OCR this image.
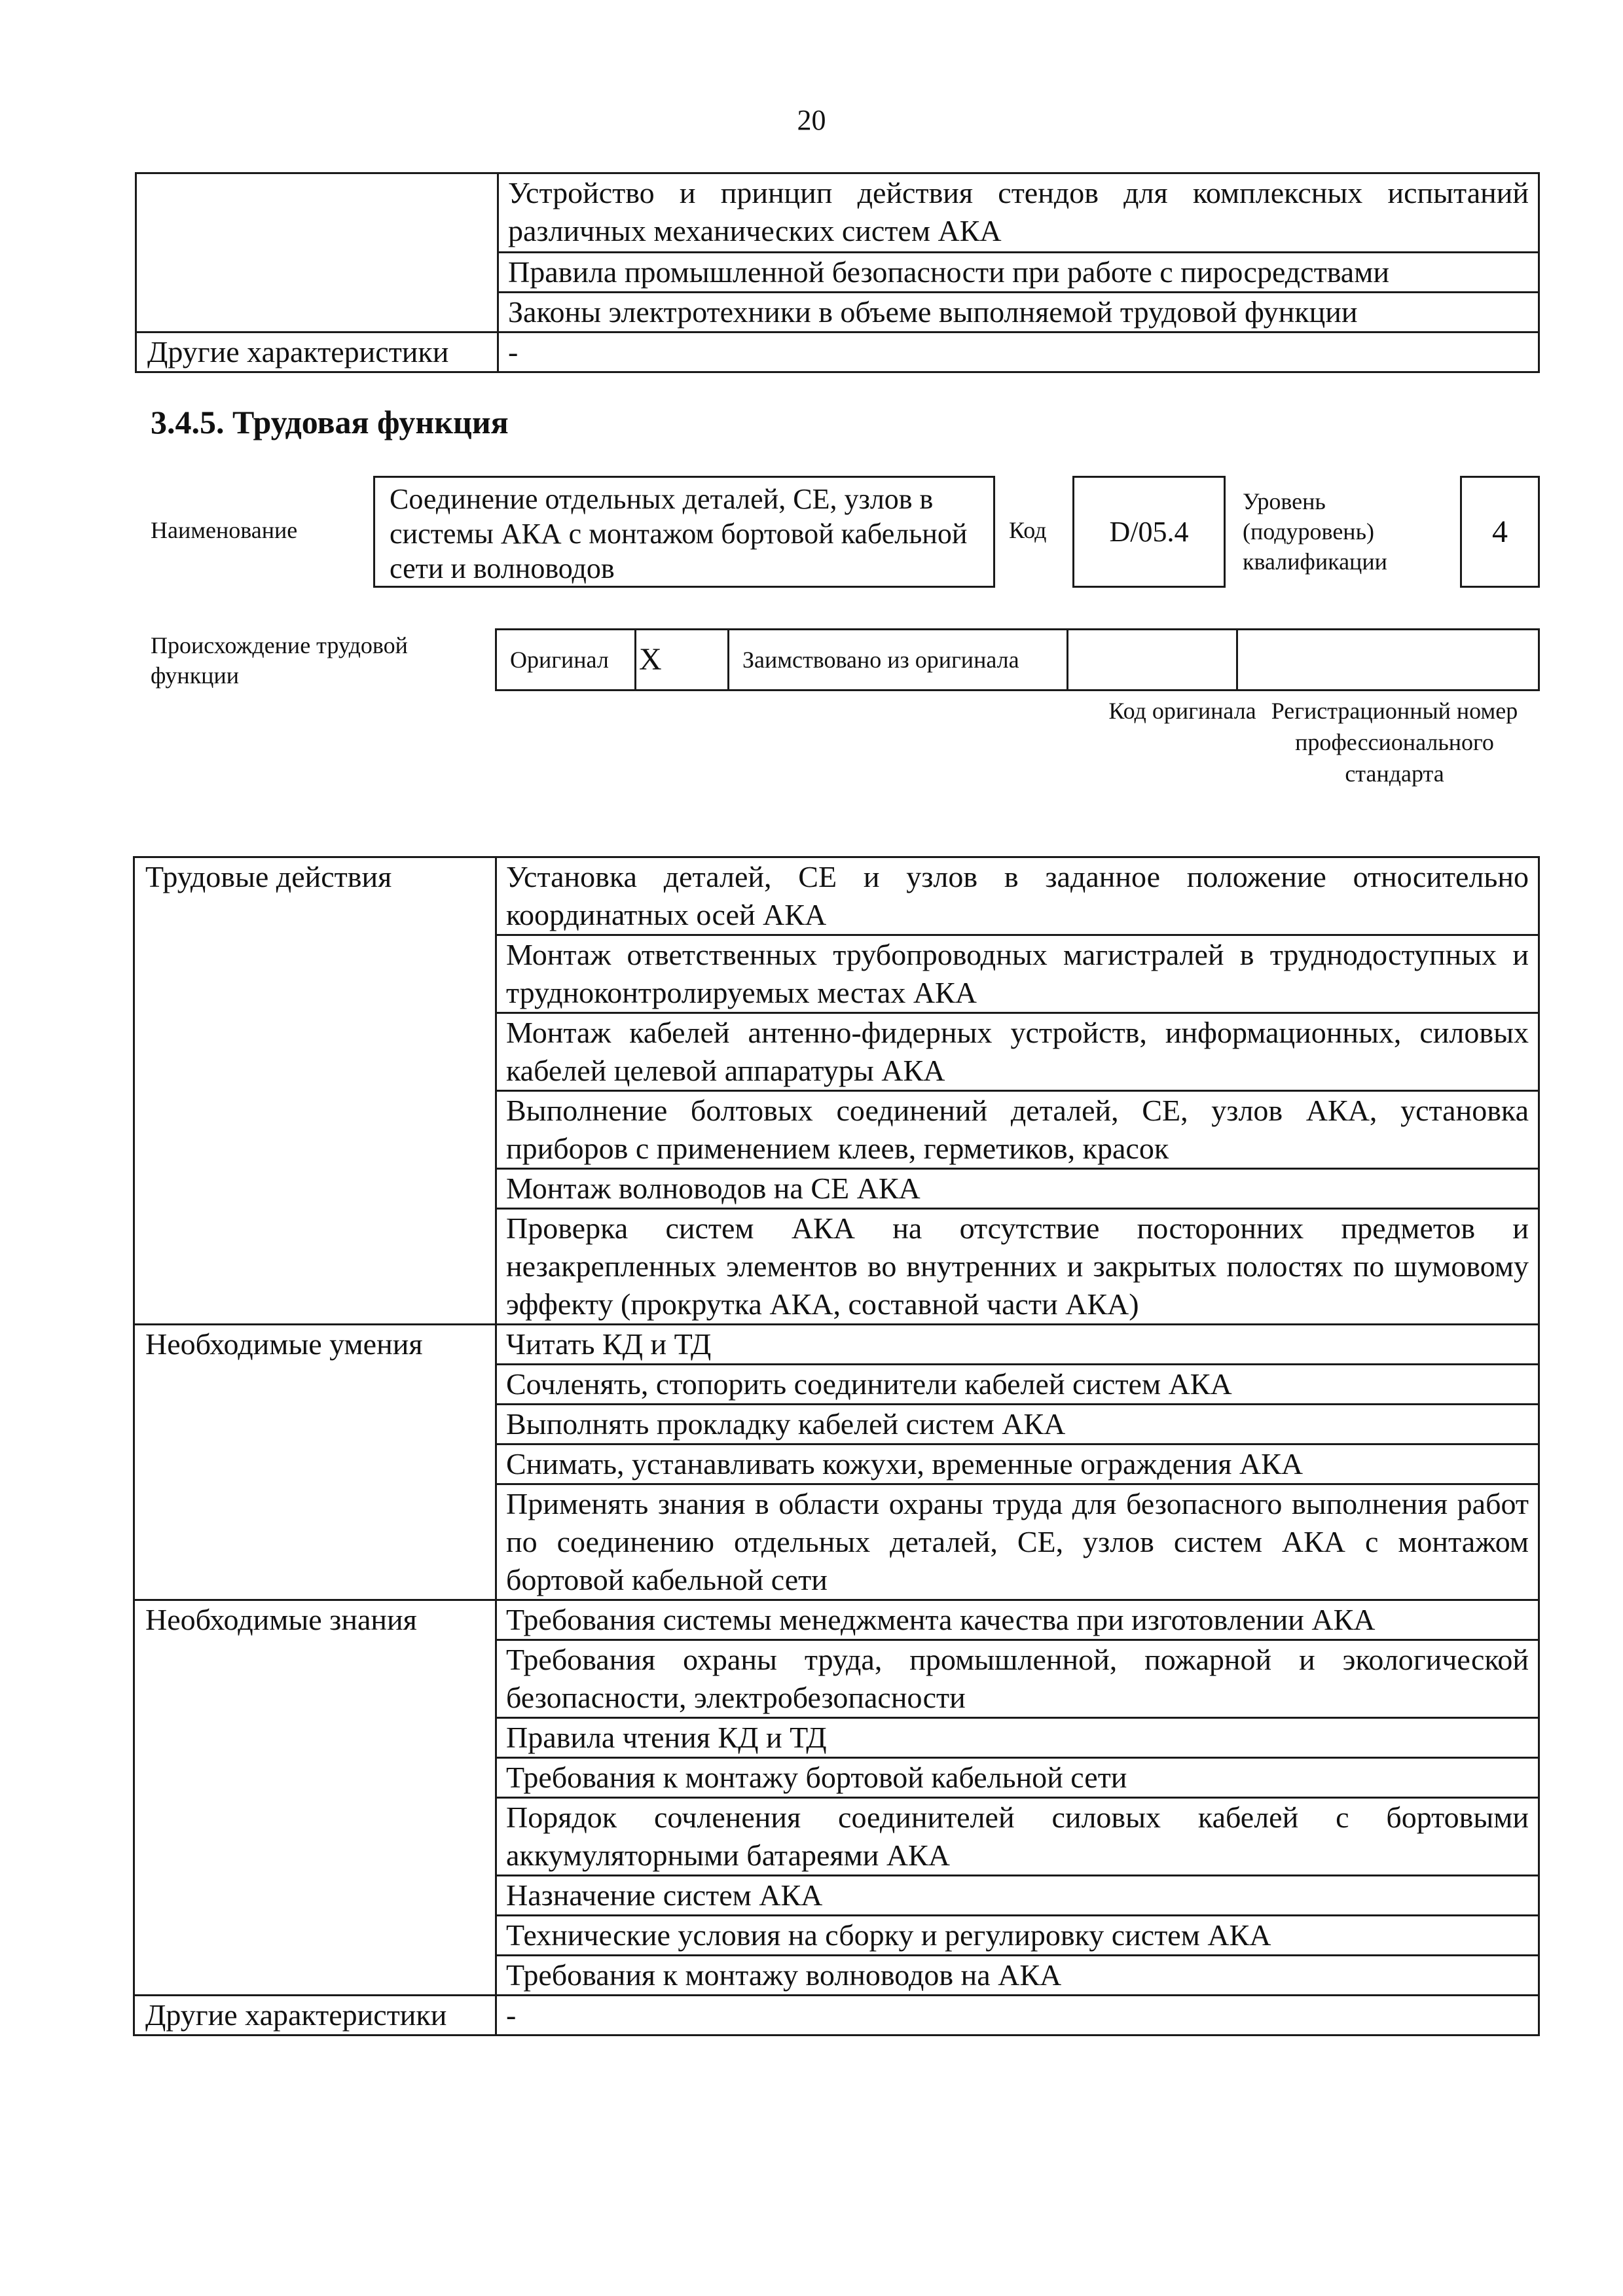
20
	Устройство и принцип действия стендов для комплексных испытаний различных механических систем АКА
	Правила промышленной безопасности при работе с пиросредствами
	Законы электротехники в объеме выполняемой трудовой функции
Другие характеристики	-
3.4.5. Трудовая функция
Наименование
Соединение отдельных деталей, СЕ, узлов в системы АКА с монтажом бортовой кабельной сети и волноводов
Код	D/05.4
Уровень (подуровень) квалификации
4
Происхождение трудовой функции
Оригинал	X	Заимствовано из оригинала		
Код оригинала Регистрационный номер профессионального стандарта
Трудовые действия	Установка деталей, СЕ и узлов в заданное положение относительно координатных осей АКА
	Монтаж ответственных трубопроводных магистралей в труднодоступных и трудноконтролируемых местах АКА
	Монтаж кабелей антенно-фидерных устройств, информационных, силовых кабелей целевой аппаратуры АКА
	Выполнение болтовых соединений деталей, СЕ, узлов АКА, установка приборов с применением клеев, герметиков, красок
	Монтаж волноводов на СЕ АКА
	Проверка систем АКА на отсутствие посторонних предметов и незакрепленных элементов во внутренних и закрытых полостях по шумовому эффекту (прокрутка АКА, составной части АКА)
Необходимые умения	Читать КД и ТД
	Сочленять, стопорить соединители кабелей систем АКА
	Выполнять прокладку кабелей систем АКА
	Снимать, устанавливать кожухи, временные ограждения АКА
	Применять знания в области охраны труда для безопасного выполнения работ по соединению отдельных деталей, СЕ, узлов систем АКА с монтажом бортовой кабельной сети
Необходимые знания	Требования системы менеджмента качества при изготовлении АКА
	Требования охраны труда, промышленной, пожарной и экологической безопасности, электробезопасности
	Правила чтения КД и ТД
	Требования к монтажу бортовой кабельной сети
	Порядок сочленения соединителей силовых кабелей с бортовыми аккумуляторными батареями АКА
	Назначение систем АКА
	Технические условия на сборку и регулировку систем АКА
	Требования к монтажу волноводов на АКА
Другие характеристики	-
